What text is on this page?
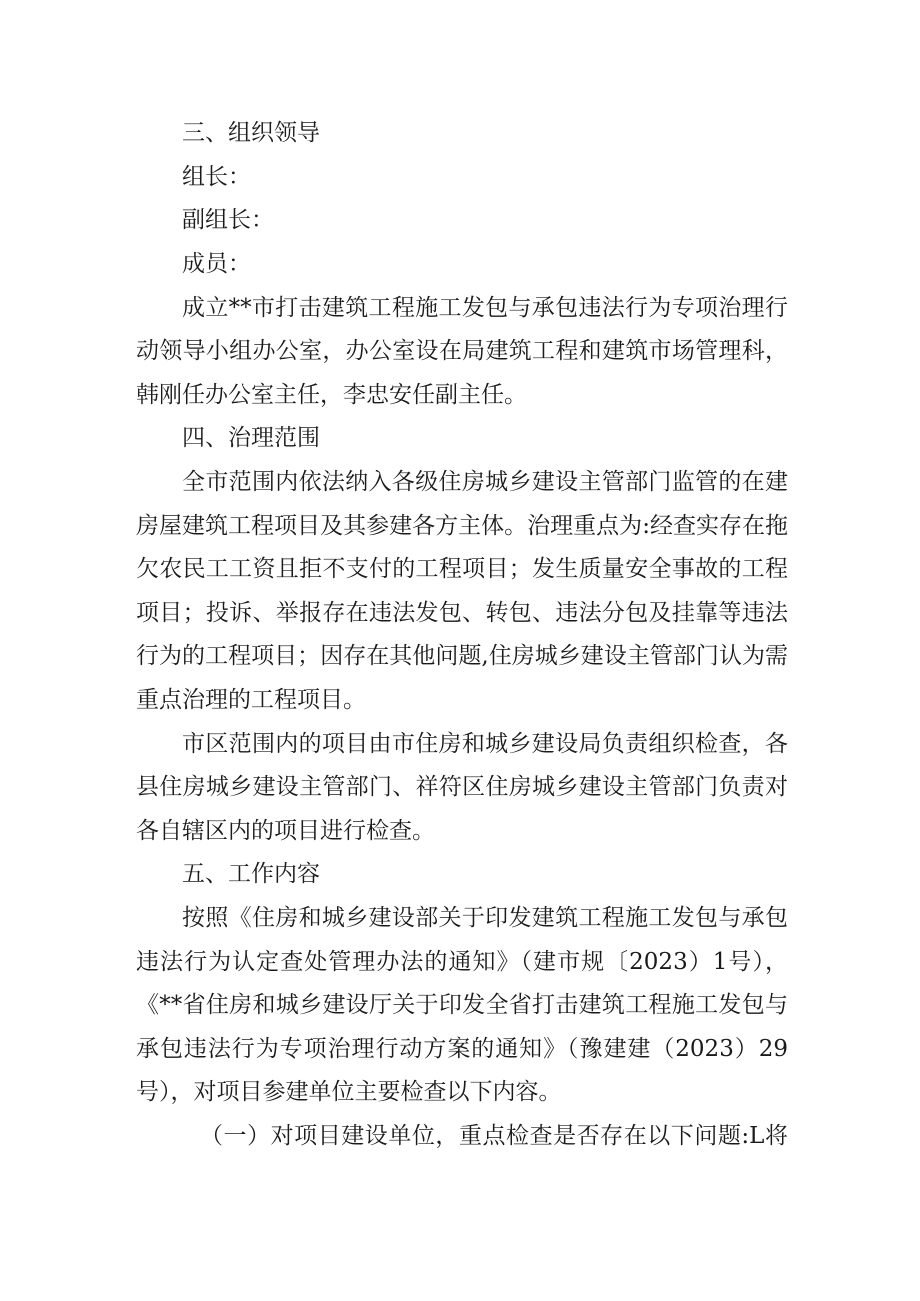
三、组织领导
组长：
副组长：
成员：
成立**市打击建筑工程施工发包与承包违法行为专项治理行
动领导小组办公室，办公室设在局建筑工程和建筑市场管理科，
韩刚任办公室主任，李忠安任副主任。
四、治理范围
全市范围内依法纳入各级住房城乡建设主管部门监管的在建
房屋建筑工程项目及其参建各方主体。治理重点为:经查实存在拖
欠农民工工资且拒不支付的工程项目；发生质量安全事故的工程
项目；投诉、举报存在违法发包、转包、违法分包及挂靠等违法
行为的工程项目；因存在其他问题,住房城乡建设主管部门认为需
重点治理的工程项目。
市区范围内的项目由市住房和城乡建设局负责组织检查，各
县住房城乡建设主管部门、祥符区住房城乡建设主管部门负责对
各自辖区内的项目进行检查。
五、工作内容
按照《住房和城乡建设部关于印发建筑工程施工发包与承包
违法行为认定查处管理办法的通知》（建市规〔2023）1号），
《**省住房和城乡建设厅关于印发全省打击建筑工程施工发包与
承包违法行为专项治理行动方案的通知》（豫建建（2023）29
号），对项目参建单位主要检查以下内容。
（一）对项目建设单位，重点检查是否存在以下问题:L将
